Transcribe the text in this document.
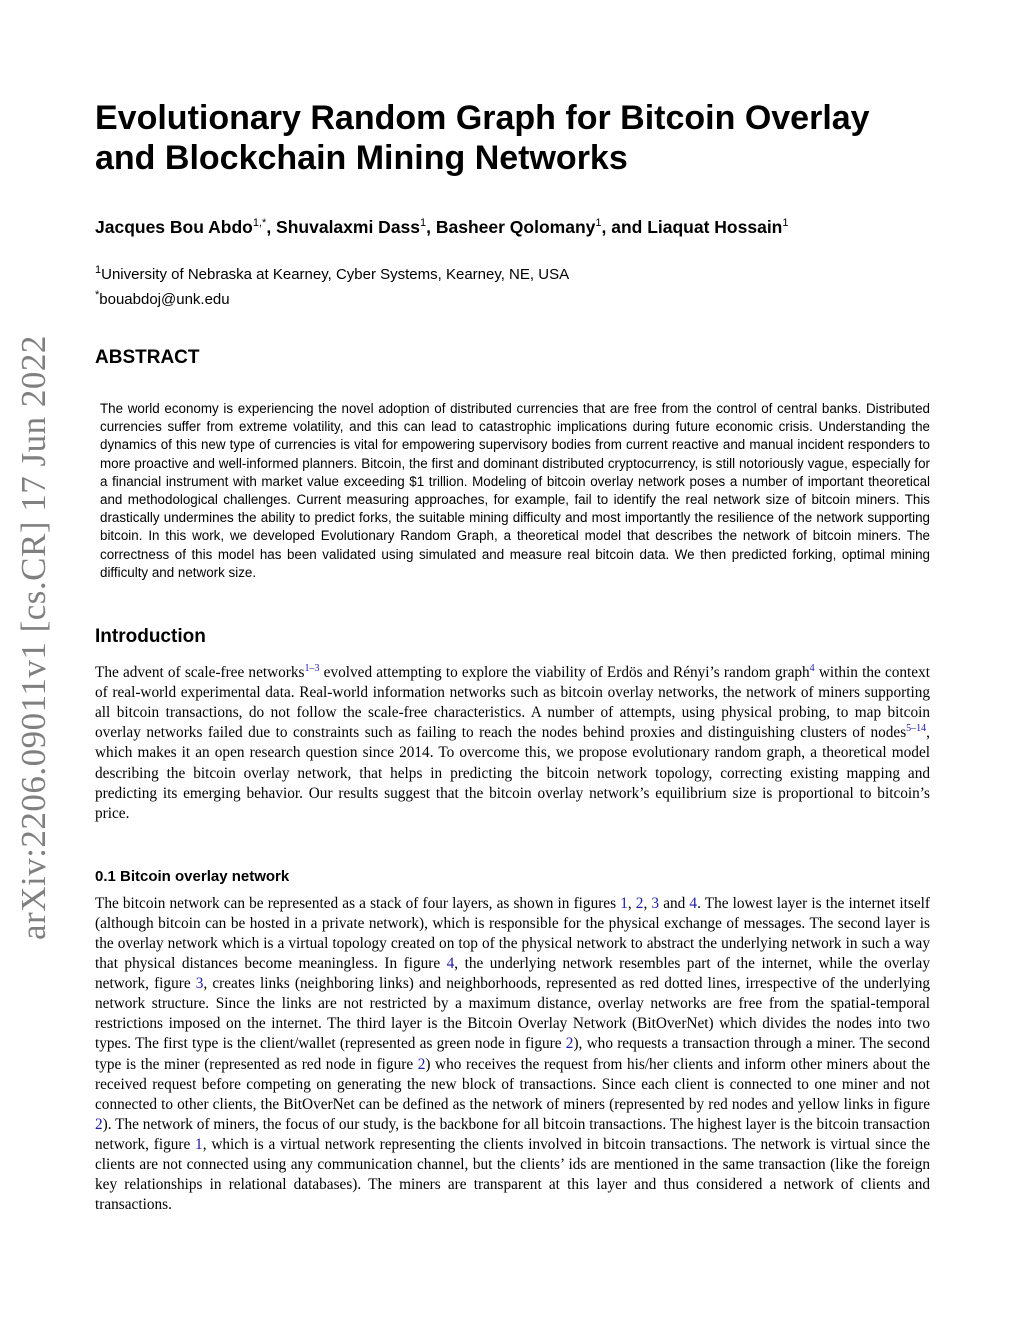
arXiv:2206.09011v1 [cs.CR] 17 Jun 2022
Evolutionary Random Graph for Bitcoin Overlay and Blockchain Mining Networks
Jacques Bou Abdo$^{1,*}$, Shuvalaxmi Dass$^1$, Basheer Qolomany$^1$, and Liaquat Hossain$^1$
$^1$University of Nebraska at Kearney, Cyber Systems, Kearney, NE, USA
*bouabdoj@unk.edu
ABSTRACT
The world economy is experiencing the novel adoption of distributed currencies that are free from the control of central banks. Distributed currencies suffer from extreme volatility, and this can lead to catastrophic implications during future economic crisis. Understanding the dynamics of this new type of currencies is vital for empowering supervisory bodies from current reactive and manual incident responders to more proactive and well-informed planners. Bitcoin, the first and dominant distributed cryptocurrency, is still notoriously vague, especially for a financial instrument with market value exceeding $1 trillion. Modeling of bitcoin overlay network poses a number of important theoretical and methodological challenges. Current measuring approaches, for example, fail to identify the real network size of bitcoin miners. This drastically undermines the ability to predict forks, the suitable mining difficulty and most importantly the resilience of the network supporting bitcoin. In this work, we developed Evolutionary Random Graph, a theoretical model that describes the network of bitcoin miners. The correctness of this model has been validated using simulated and measure real bitcoin data. We then predicted forking, optimal mining difficulty and network size.
Introduction
The advent of scale-free networks$^{1-3}$ evolved attempting to explore the viability of Erdös and Rényi’s random graph$^4$ within the context of real-world experimental data. Real-world information networks such as bitcoin overlay networks, the network of miners supporting all bitcoin transactions, do not follow the scale-free characteristics. A number of attempts, using physical probing, to map bitcoin overlay networks failed due to constraints such as failing to reach the nodes behind proxies and distinguishing clusters of nodes$^{5-14}$, which makes it an open research question since 2014. To overcome this, we propose evolutionary random graph, a theoretical model describing the bitcoin overlay network, that helps in predicting the bitcoin network topology, correcting existing mapping and predicting its emerging behavior. Our results suggest that the bitcoin overlay network’s equilibrium size is proportional to bitcoin’s price.
0.1 Bitcoin overlay network
The bitcoin network can be represented as a stack of four layers, as shown in figures 1, 2, 3 and 4. The lowest layer is the internet itself (although bitcoin can be hosted in a private network), which is responsible for the physical exchange of messages. The second layer is the overlay network which is a virtual topology created on top of the physical network to abstract the underlying network in such a way that physical distances become meaningless. In figure 4, the underlying network resembles part of the internet, while the overlay network, figure 3, creates links (neighboring links) and neighborhoods, represented as red dotted lines, irrespective of the underlying network structure. Since the links are not restricted by a maximum distance, overlay networks are free from the spatial-temporal restrictions imposed on the internet. The third layer is the Bitcoin Overlay Network (BitOverNet) which divides the nodes into two types. The first type is the client/wallet (represented as green node in figure 2), who requests a transaction through a miner. The second type is the miner (represented as red node in figure 2) who receives the request from his/her clients and inform other miners about the received request before competing on generating the new block of transactions. Since each client is connected to one miner and not connected to other clients, the BitOverNet can be defined as the network of miners (represented by red nodes and yellow links in figure 2). The network of miners, the focus of our study, is the backbone for all bitcoin transactions. The highest layer is the bitcoin transaction network, figure 1, which is a virtual network representing the clients involved in bitcoin transactions. The network is virtual since the clients are not connected using any communication channel, but the clients’ ids are mentioned in the same transaction (like the foreign key relationships in relational databases). The miners are transparent at this layer and thus considered a network of clients and transactions.
